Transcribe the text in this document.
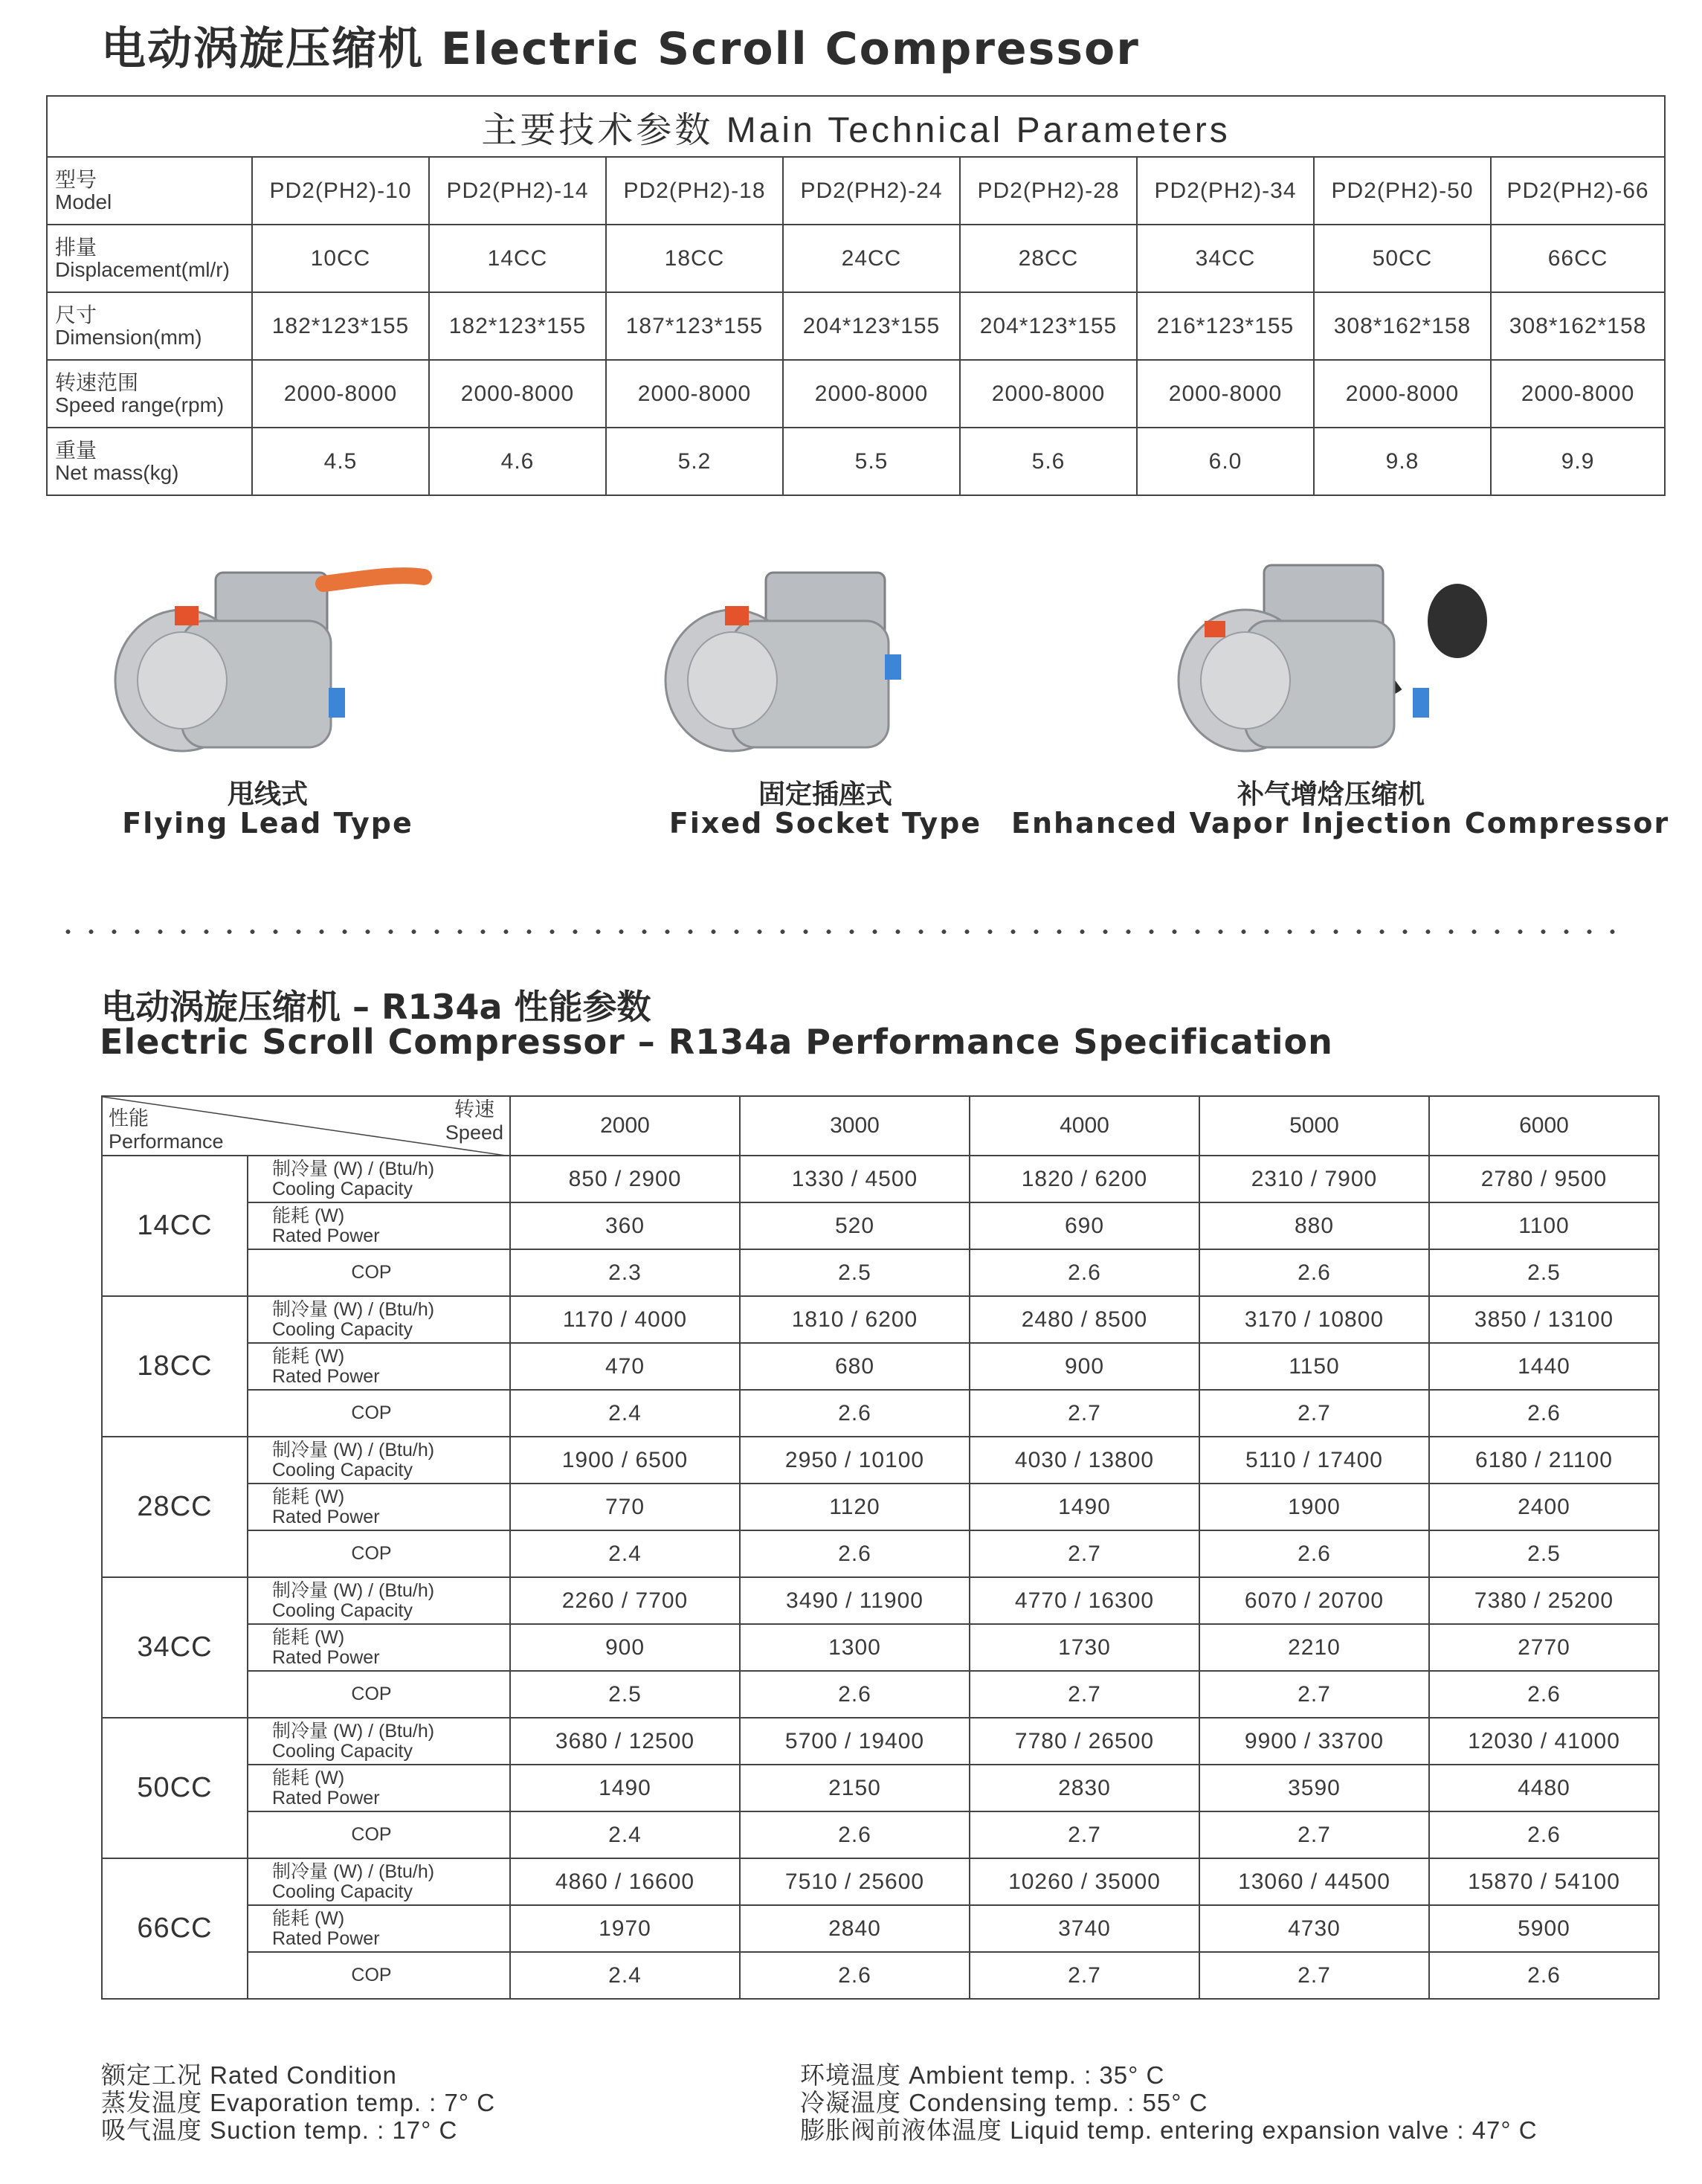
电动涡旋压缩机 Electric Scroll Compressor
主要技术参数 Main Technical Parameters								

型号
Model	PD2(PH2)-10	PD2(PH2)-14	PD2(PH2)-18	PD2(PH2)-24	PD2(PH2)-28	PD2(PH2)-34	PD2(PH2)-50	PD2(PH2)-66

排量
Displacement(ml/r)	10CC	14CC	18CC	24CC	28CC	34CC	50CC	66CC

尺寸
Dimension(mm)	182*123*155	182*123*155	187*123*155	204*123*155	204*123*155	216*123*155	308*162*158	308*162*158

转速范围
Speed range(rpm)	2000-8000	2000-8000	2000-8000	2000-8000	2000-8000	2000-8000	2000-8000	2000-8000

重量
Net mass(kg)	4.5	4.6	5.2	5.5	5.6	6.0	9.8	9.9
甩线式
Flying Lead Type
固定插座式
Fixed Socket Type
补气增焓压缩机
Enhanced Vapor Injection Compressor
电动涡旋压缩机 – R134a 性能参数
Electric Scroll Compressor – R134a Performance Specification
转速
Speed
性能
Performance		2000	3000	4000	5000	6000
14CC	制冷量 (W) / (Btu/h)
Cooling Capacity	850 / 2900	1330 / 4500	1820 / 6200	2310 / 7900	2780 / 9500

	能耗 (W)
Rated Power	360	520	690	880	1100
	COP	2.3	2.5	2.6	2.6	2.5
18CC	制冷量 (W) / (Btu/h)
Cooling Capacity	1170 / 4000	1810 / 6200	2480 / 8500	3170 / 10800	3850 / 13100

	能耗 (W)
Rated Power	470	680	900	1150	1440
	COP	2.4	2.6	2.7	2.7	2.6
28CC	制冷量 (W) / (Btu/h)
Cooling Capacity	1900 / 6500	2950 / 10100	4030 / 13800	5110 / 17400	6180 / 21100

	能耗 (W)
Rated Power	770	1120	1490	1900	2400
	COP	2.4	2.6	2.7	2.6	2.5
34CC	制冷量 (W) / (Btu/h)
Cooling Capacity	2260 / 7700	3490 / 11900	4770 / 16300	6070 / 20700	7380 / 25200

	能耗 (W)
Rated Power	900	1300	1730	2210	2770
	COP	2.5	2.6	2.7	2.7	2.6
50CC	制冷量 (W) / (Btu/h)
Cooling Capacity	3680 / 12500	5700 / 19400	7780 / 26500	9900 / 33700	12030 / 41000

	能耗 (W)
Rated Power	1490	2150	2830	3590	4480
	COP	2.4	2.6	2.7	2.7	2.6
66CC	制冷量 (W) / (Btu/h)
Cooling Capacity	4860 / 16600	7510 / 25600	10260 / 35000	13060 / 44500	15870 / 54100

	能耗 (W)
Rated Power	1970	2840	3740	4730	5900
	COP	2.4	2.6	2.7	2.7	2.6
额定工况 Rated Condition
蒸发温度 Evaporation temp. : 7° C
吸气温度 Suction temp. : 17° C
环境温度 Ambient temp. : 35° C
冷凝温度 Condensing temp. : 55° C
膨胀阀前液体温度 Liquid temp. entering expansion valve : 47° C
